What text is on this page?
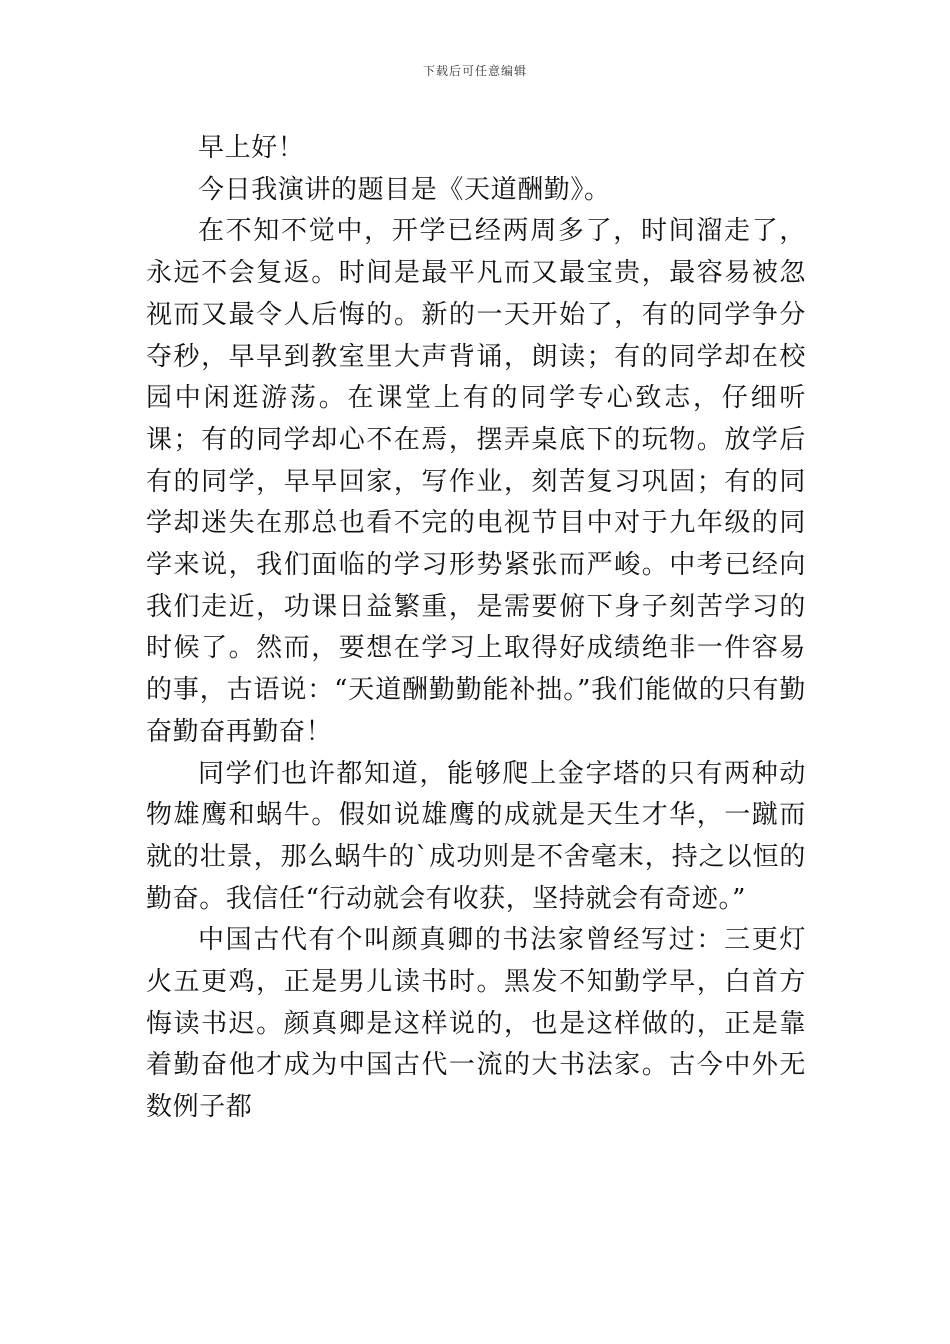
下载后可任意编辑

早上好！

今日我演讲的题目是《天道酬勤》。

在不知不觉中，开学已经两周多了，时间溜走了，永远不会复返。时间是最平凡而又最宝贵，最容易被忽视而又最令人后悔的。新的一天开始了，有的同学争分夺秒，早早到教室里大声背诵，朗读；有的同学却在校园中闲逛游荡。在课堂上有的同学专心致志，仔细听课；有的同学却心不在焉，摆弄桌底下的玩物。放学后有的同学，早早回家，写作业，刻苦复习巩固；有的同学却迷失在那总也看不完的电视节目中对于九年级的同学来说，我们面临的学习形势紧张而严峻。中考已经向我们走近，功课日益繁重，是需要俯下身子刻苦学习的时候了。然而，要想在学习上取得好成绩绝非一件容易的事，古语说：“天道酬勤勤能补拙。”我们能做的只有勤奋勤奋再勤奋！

同学们也许都知道，能够爬上金字塔的只有两种动物雄鹰和蜗牛。假如说雄鹰的成就是天生才华，一蹴而就的壮景，那么蜗牛的`成功则是不舍毫末，持之以恒的勤奋。我信任“行动就会有收获，坚持就会有奇迹。”

中国古代有个叫颜真卿的书法家曾经写过：三更灯火五更鸡，正是男儿读书时。黑发不知勤学早，白首方悔读书迟。颜真卿是这样说的，也是这样做的，正是靠着勤奋他才成为中国古代一流的大书法家。古今中外无数例子都
